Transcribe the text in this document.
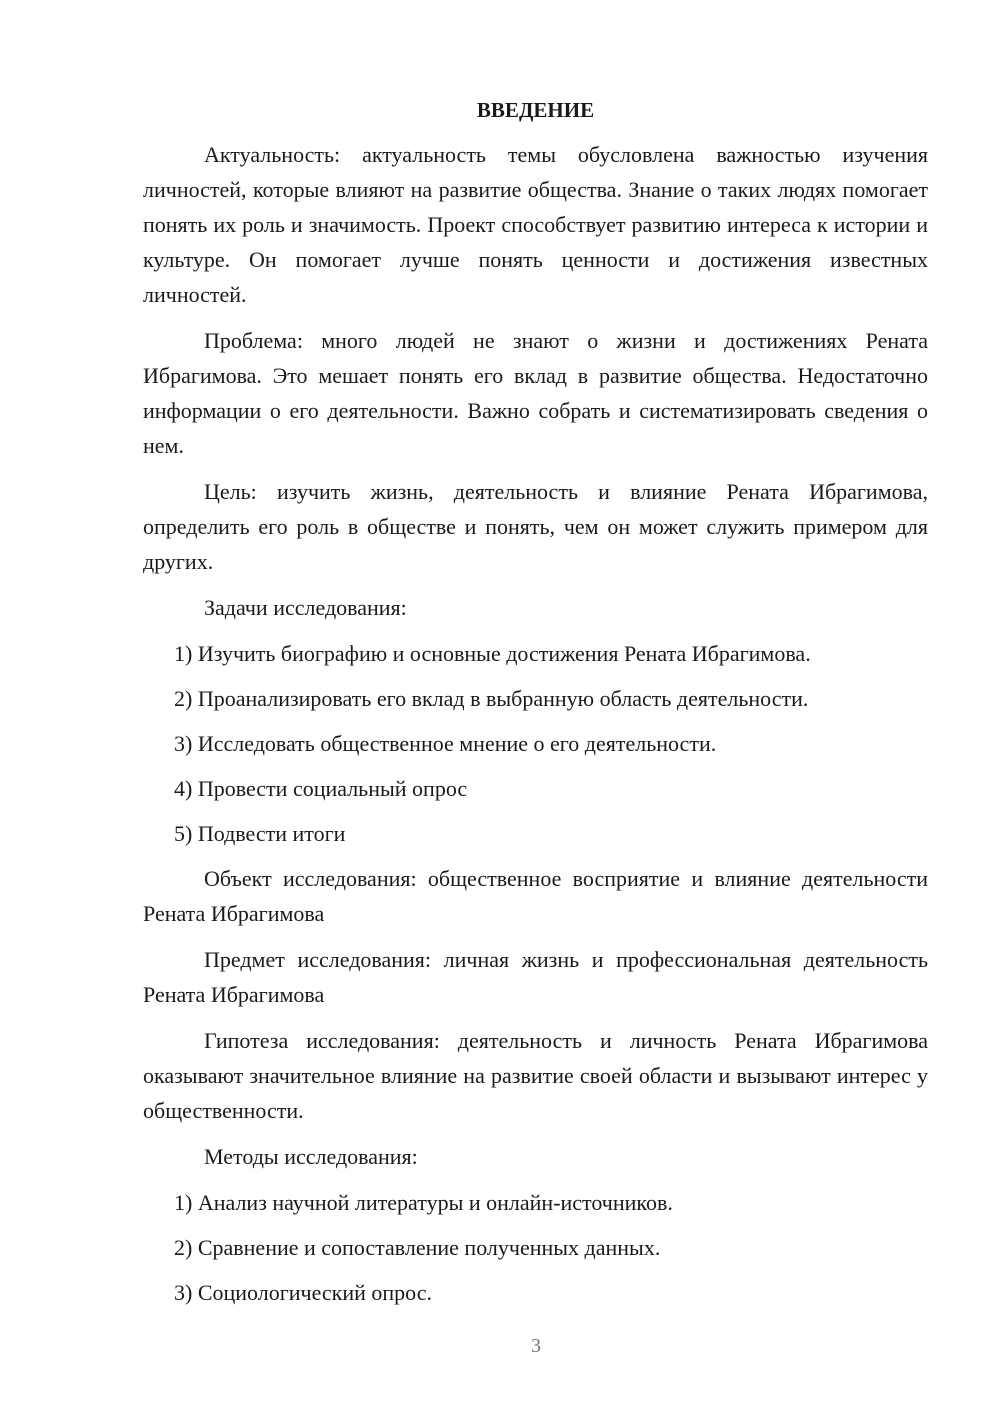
ВВЕДЕНИЕ

Актуальность: актуальность темы обусловлена важностью изучения личностей, которые влияют на развитие общества. Знание о таких людях помогает понять их роль и значимость. Проект способствует развитию интереса к истории и культуре. Он помогает лучше понять ценности и достижения известных личностей.

Проблема: много людей не знают о жизни и достижениях Рената Ибрагимова. Это мешает понять его вклад в развитие общества. Недостаточно информации о его деятельности. Важно собрать и систематизировать сведения о нем.

Цель: изучить жизнь, деятельность и влияние Рената Ибрагимова, определить его роль в обществе и понять, чем он может служить примером для других.

Задачи исследования:

1) Изучить биографию и основные достижения Рената Ибрагимова.
2) Проанализировать его вклад в выбранную область деятельности.
3) Исследовать общественное мнение о его деятельности.
4) Провести социальный опрос
5) Подвести итоги

Объект исследования: общественное восприятие и влияние деятельности Рената Ибрагимова

Предмет исследования: личная жизнь и профессиональная деятельность Рената Ибрагимова

Гипотеза исследования: деятельность и личность Рената Ибрагимова оказывают значительное влияние на развитие своей области и вызывают интерес у общественности.

Методы исследования:

1) Анализ научной литературы и онлайн-источников.
2) Сравнение и сопоставление полученных данных.
3) Социологический опрос.
3
